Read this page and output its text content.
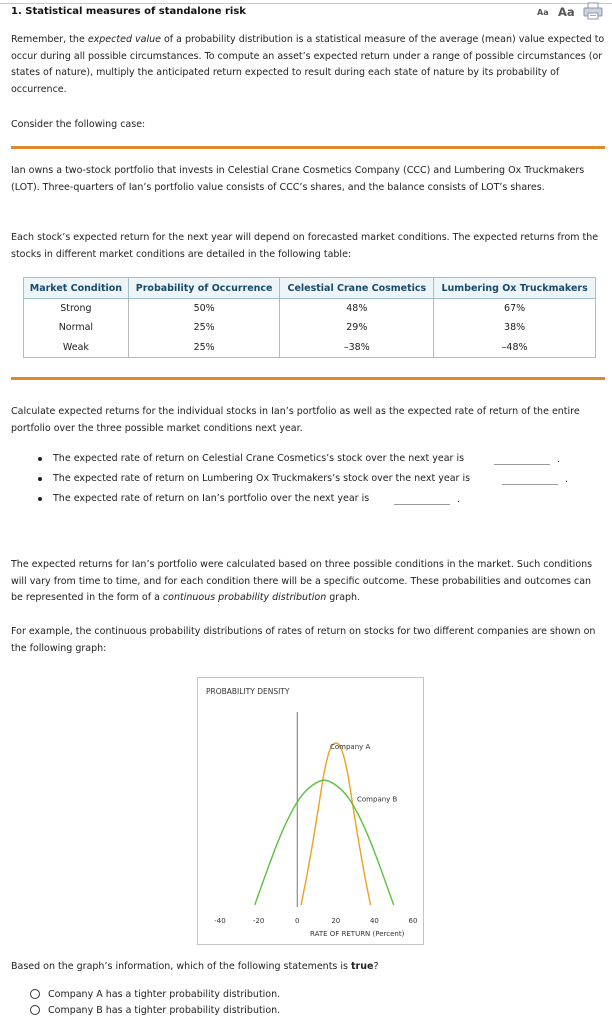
1. Statistical measures of standalone risk	Aa Aa

Remember, the expected value of a probability distribution is a statistical measure of the average (mean) value expected to occur during all possible circumstances. To compute an asset’s expected return under a range of possible circumstances (or states of nature), multiply the anticipated return expected to result during each state of nature by its probability of occurrence.

Consider the following case:

Ian owns a two-stock portfolio that invests in Celestial Crane Cosmetics Company (CCC) and Lumbering Ox Truckmakers (LOT). Three-quarters of Ian’s portfolio value consists of CCC’s shares, and the balance consists of LOT’s shares.

Each stock’s expected return for the next year will depend on forecasted market conditions. The expected returns from the stocks in different market conditions are detailed in the following table:

Market Condition	Probability of Occurrence	Celestial Crane Cosmetics	Lumbering Ox Truckmakers
Strong	50%	48%	67%
Normal	25%	29%	38%
Weak	25%	–38%	–48%

Calculate expected returns for the individual stocks in Ian’s portfolio as well as the expected rate of return of the entire portfolio over the three possible market conditions next year.

The expected rate of return on Celestial Crane Cosmetics’s stock over the next year is	.
The expected rate of return on Lumbering Ox Truckmakers’s stock over the next year is	.
The expected rate of return on Ian’s portfolio over the next year is	.

The expected returns for Ian’s portfolio were calculated based on three possible conditions in the market. Such conditions will vary from time to time, and for each condition there will be a specific outcome. These probabilities and outcomes can be represented in the form of a continuous probability distribution graph.

For example, the continuous probability distributions of rates of return on stocks for two different companies are shown on the following graph:

PROBABILITY DENSITY
RATE OF RETURN (Percent)
Company A
Company B
-40	-20	0	20	40	60
Based on the graph’s information, which of the following statements is true?
Company A has a tighter probability distribution.
Company B has a tighter probability distribution.
